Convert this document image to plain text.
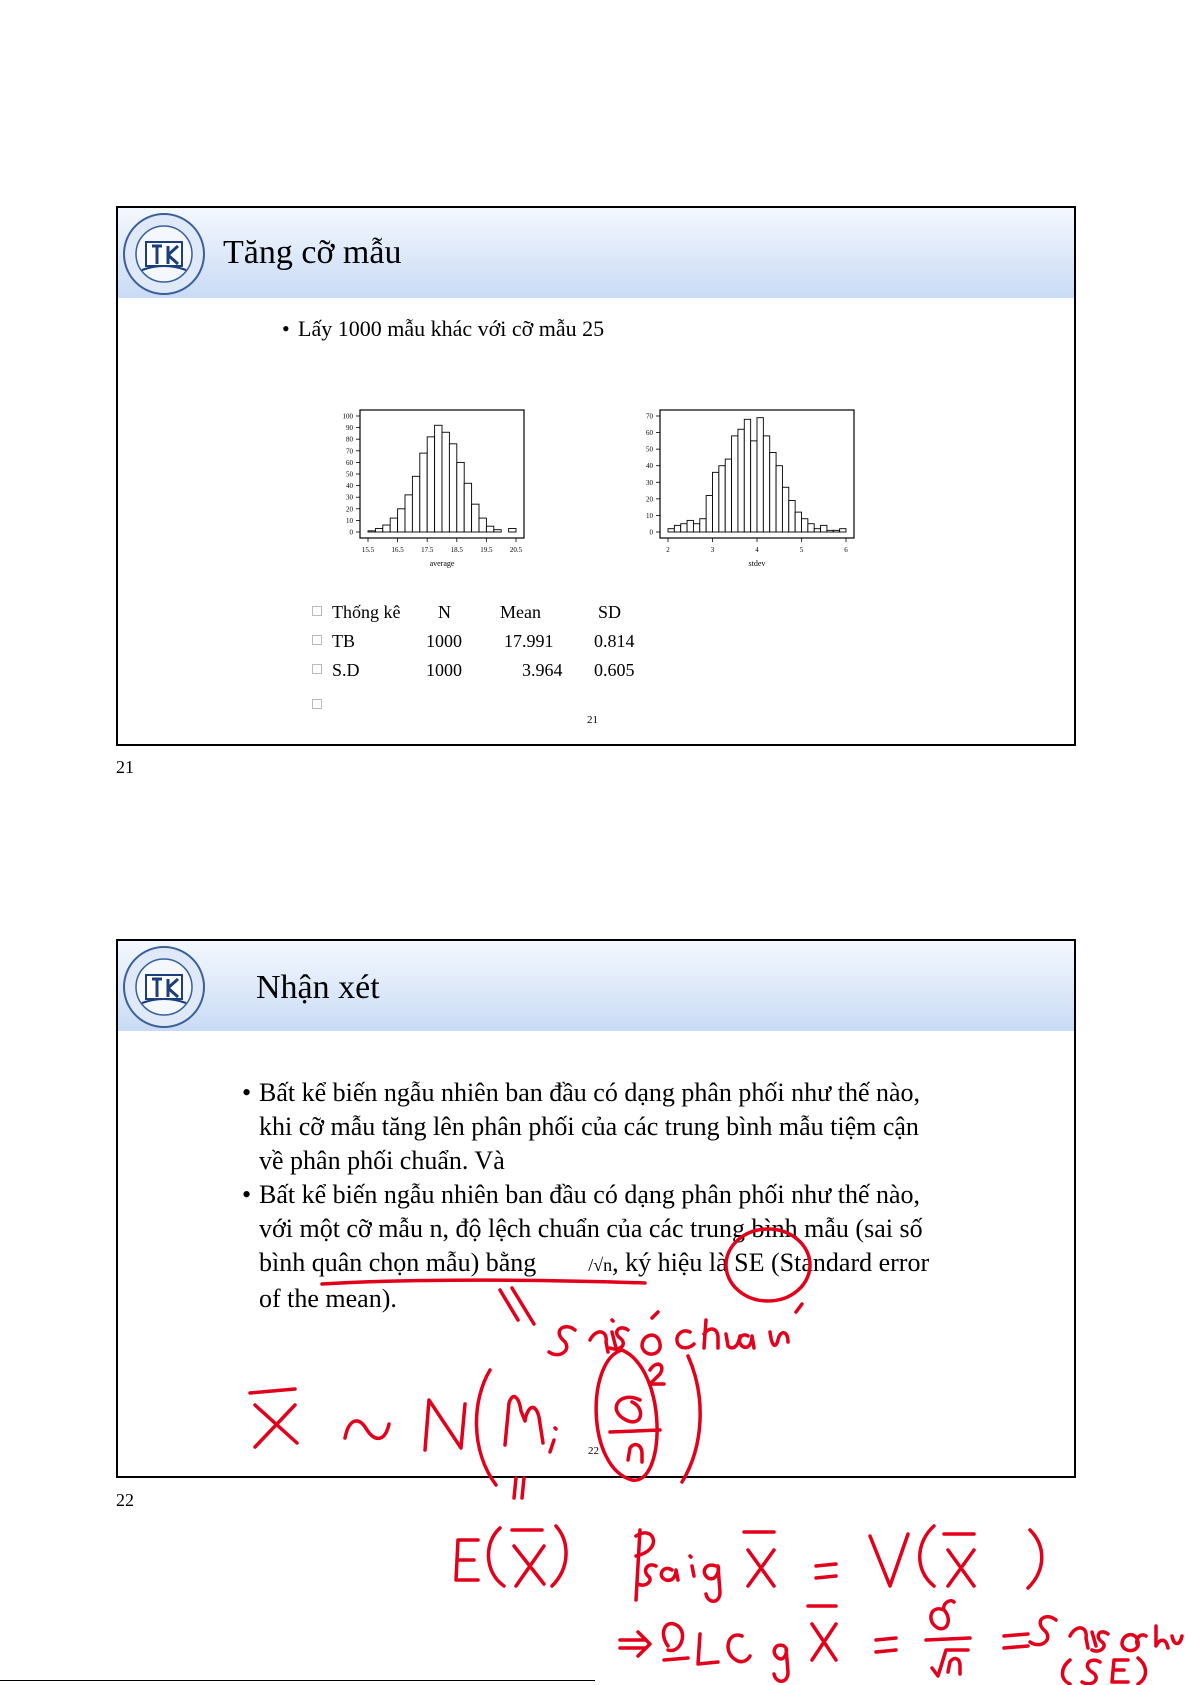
Tăng cỡ mẫu
• Lấy 1000 mẫu khác với cỡ mẫu 25
100
90
80
70
60
50
40
30
20
10
0
15.5 16.5 17.5 18.5 19.5 20.5
average
70
60
50
40
30
20
10
0
2	3	4	5	6
stdev
Thống kê N	Mean	SD
TB	1000 17.991 0.814
S.D	1000	3.964 0.605
21
21
Nhận xét

• Bất kể biến ngẫu nhiên ban đầu có dạng phân phối như thế nào, khi cỡ mẫu tăng lên phân phối của các trung bình mẫu tiệm cận về phân phối chuẩn. Và

• Bất kể biến ngẫu nhiên ban đầu có dạng phân phối như thế nào, với một cỡ mẫu n, độ lệch chuẩn của các trung bình mẫu (sai số bình quân chọn mẫu) bằng	/√n, ký hiệu là SE (Standard error of the mean).

22
22
